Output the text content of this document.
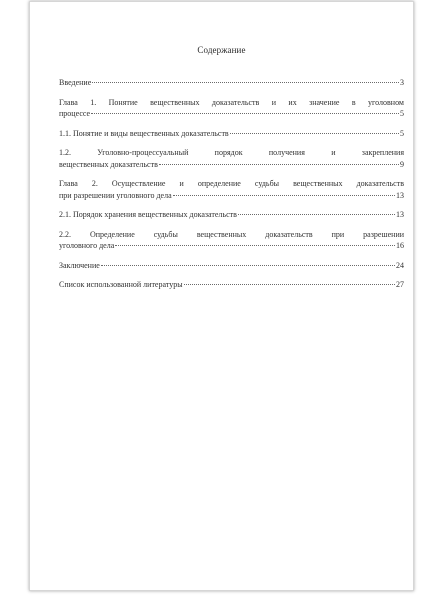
Содержание
Введение	3
Глава 1. Понятие вещественных доказательств и их значение в уголовном
процессе	5
1.1. Понятие и виды вещественных доказательств	5
1.2. Уголовно-процессуальный порядок получения и закрепления
вещественных доказательств	9
Глава 2. Осуществление и определение судьбы вещественных доказательств
при разрешении уголовного дела	13
2.1. Порядок хранения вещественных доказательств	13
2.2. Определение судьбы вещественных доказательств при разрешении
уголовного дела	16
Заключение	24
Список использованной литературы	27
